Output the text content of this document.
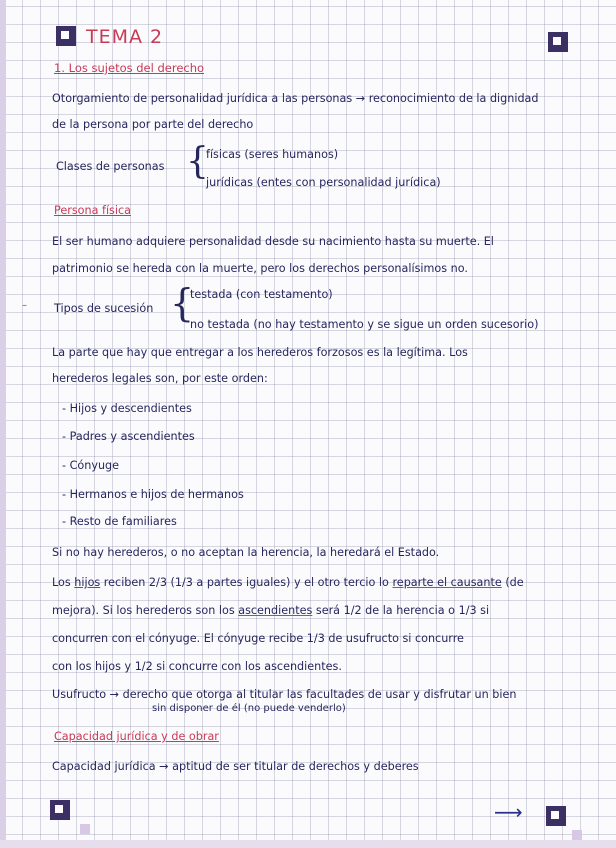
TEMA 2
1. Los sujetos del derecho
Otorgamiento de personalidad jurídica a las personas → reconocimiento de la dignidad
de la persona por parte del derecho
Clases de personas {
físicas (seres humanos)
jurídicas (entes con personalidad jurídica)
Persona física
El ser humano adquiere personalidad desde su nacimiento hasta su muerte. El
patrimonio se hereda con la muerte, pero los derechos personalísimos no.
– Tipos de sucesión {
testada (con testamento)
no testada (no hay testamento y se sigue un orden sucesorio)
La parte que hay que entregar a los herederos forzosos es la legítima. Los
herederos legales son, por este orden:
- Hijos y descendientes
- Padres y ascendientes
- Cónyuge
- Hermanos e hijos de hermanos
- Resto de familiares
Si no hay herederos, o no aceptan la herencia, la heredará el Estado.
Los hijos reciben 2/3 (1/3 a partes iguales) y el otro tercio lo reparte el causante (de
mejora). Si los herederos son los ascendientes será 1/2 de la herencia o 1/3 si
concurren con el cónyuge. El cónyuge recibe 1/3 de usufructo si concurre
con los hijos y 1/2 si concurre con los ascendientes.
Usufructo → derecho que otorga al titular las facultades de usar y disfrutar un bien
sin disponer de él (no puede venderlo)
Capacidad jurídica y de obrar
Capacidad jurídica → aptitud de ser titular de derechos y deberes
⟶
